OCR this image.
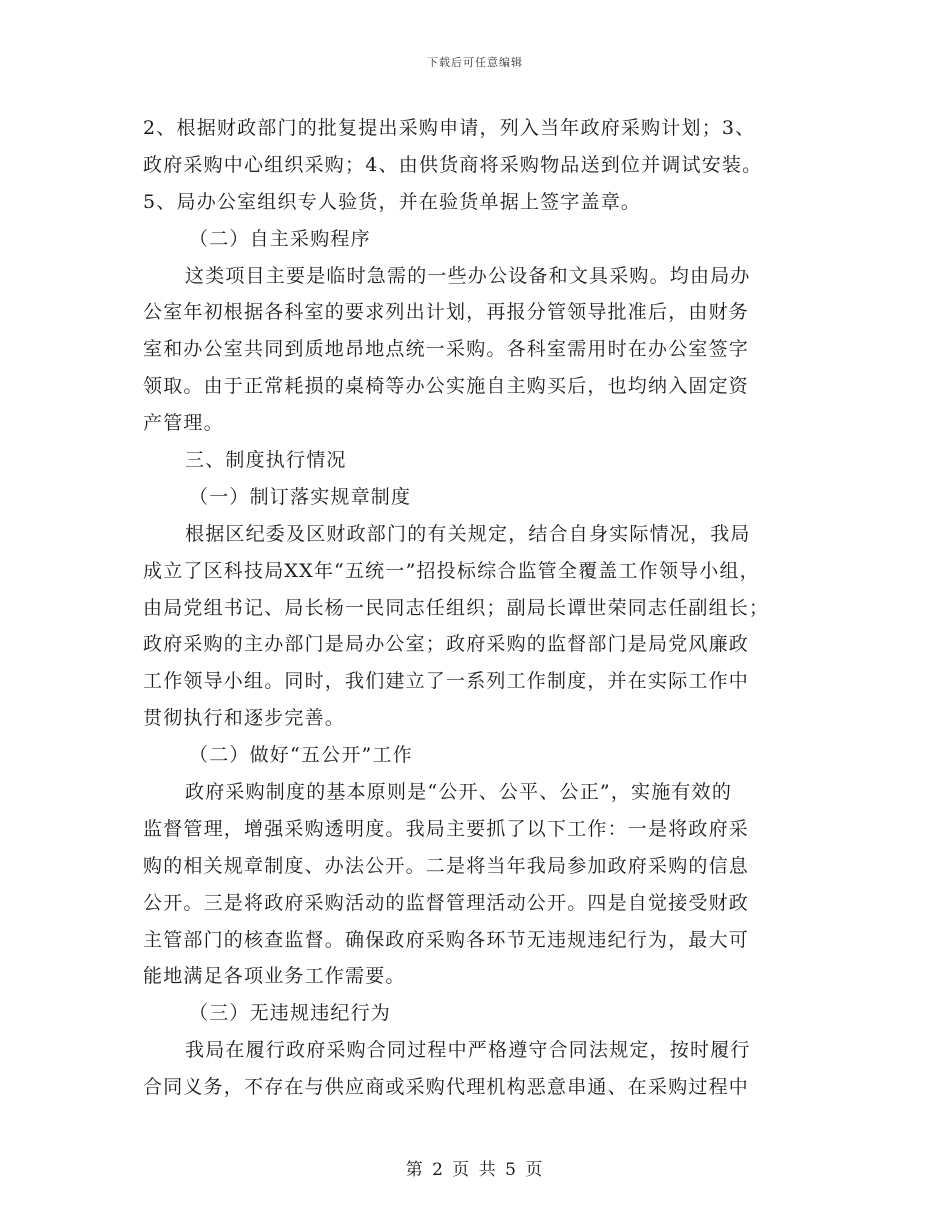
下载后可任意编辑
2、根据财政部门的批复提出采购申请，列入当年政府采购计划；3、
政府采购中心组织采购；4、由供货商将采购物品送到位并调试安装。
5、局办公室组织专人验货，并在验货单据上签字盖章。
（二）自主采购程序
这类项目主要是临时急需的一些办公设备和文具采购。均由局办
公室年初根据各科室的要求列出计划，再报分管领导批准后，由财务
室和办公室共同到质地昂地点统一采购。各科室需用时在办公室签字
领取。由于正常耗损的桌椅等办公实施自主购买后，也均纳入固定资
产管理。
三、制度执行情况
（一）制订落实规章制度
根据区纪委及区财政部门的有关规定，结合自身实际情况，我局
成立了区科技局XX年“五统一”招投标综合监管全覆盖工作领导小组，
由局党组书记、局长杨一民同志任组织；副局长谭世荣同志任副组长；
政府采购的主办部门是局办公室；政府采购的监督部门是局党风廉政
工作领导小组。同时，我们建立了一系列工作制度，并在实际工作中
贯彻执行和逐步完善。
（二）做好“五公开”工作
政府采购制度的基本原则是“公开、公平、公正”，实施有效的
监督管理，增强采购透明度。我局主要抓了以下工作：一是将政府采
购的相关规章制度、办法公开。二是将当年我局参加政府采购的信息
公开。三是将政府采购活动的监督管理活动公开。四是自觉接受财政
主管部门的核查监督。确保政府采购各环节无违规违纪行为，最大可
能地满足各项业务工作需要。
（三）无违规违纪行为
我局在履行政府采购合同过程中严格遵守合同法规定，按时履行
合同义务，不存在与供应商或采购代理机构恶意串通、在采购过程中
第 2 页 共 5 页
